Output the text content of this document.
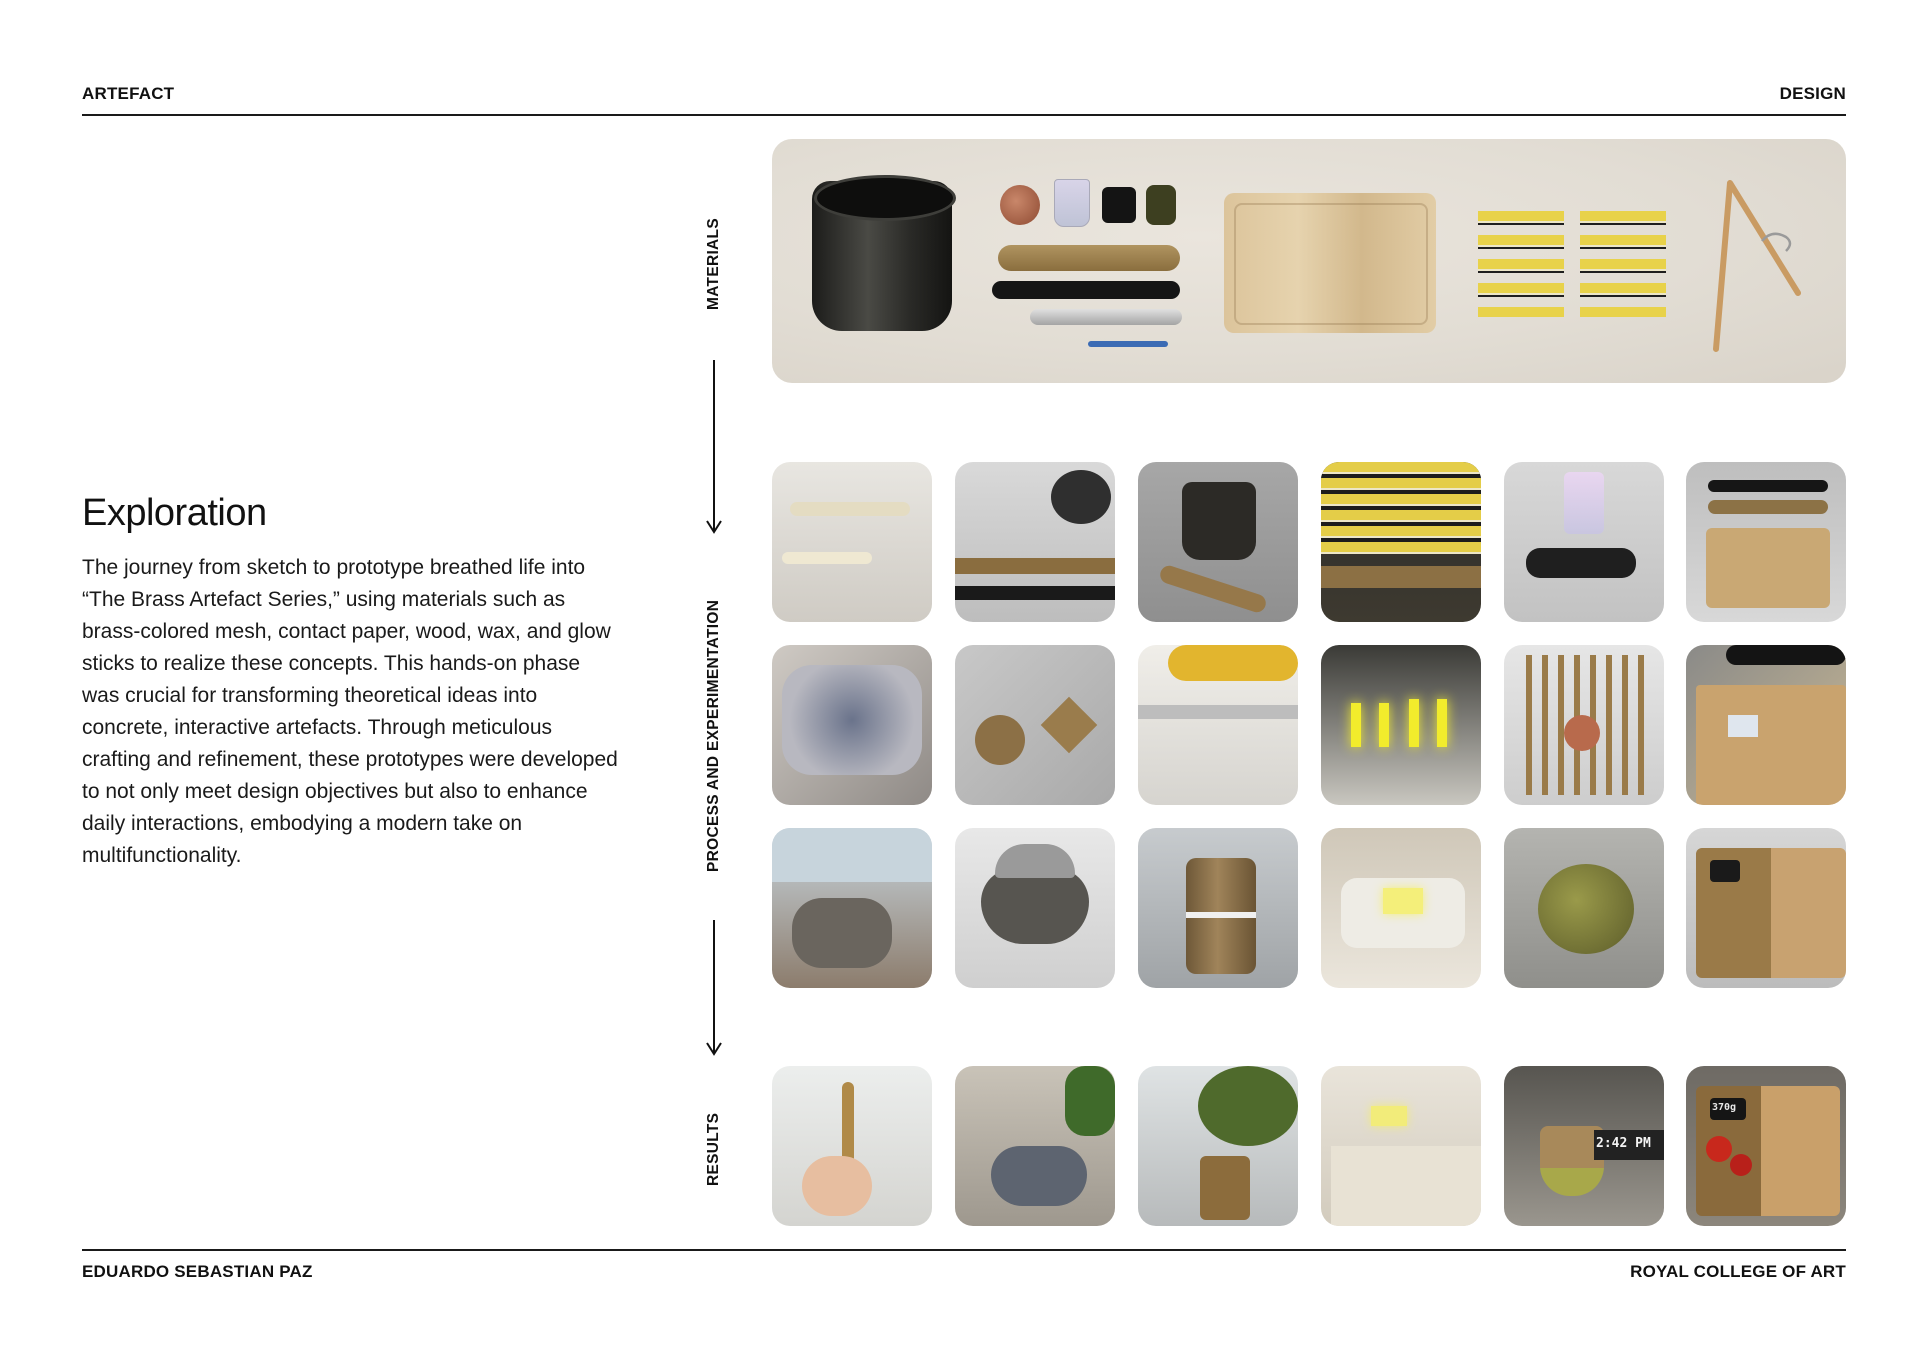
ARTEFACT	DESIGN
Exploration

The journey from sketch to prototype breathed life into “The Brass Artefact Series,” using materials such as brass-colored mesh, contact paper, wood, wax, and glow sticks to realize these concepts. This hands-on phase was crucial for transforming theoretical ideas into concrete, interactive artefacts. Through meticulous crafting and refinement, these prototypes were developed to not only meet design objectives but also to enhance daily interactions, embodying a modern take on multifunctionality.

MATERIALS
PROCESS AND EXPERIMENTATION
RESULTS	2:42 PM
370g
EDUARDO SEBASTIAN PAZ	ROYAL COLLEGE OF ART
